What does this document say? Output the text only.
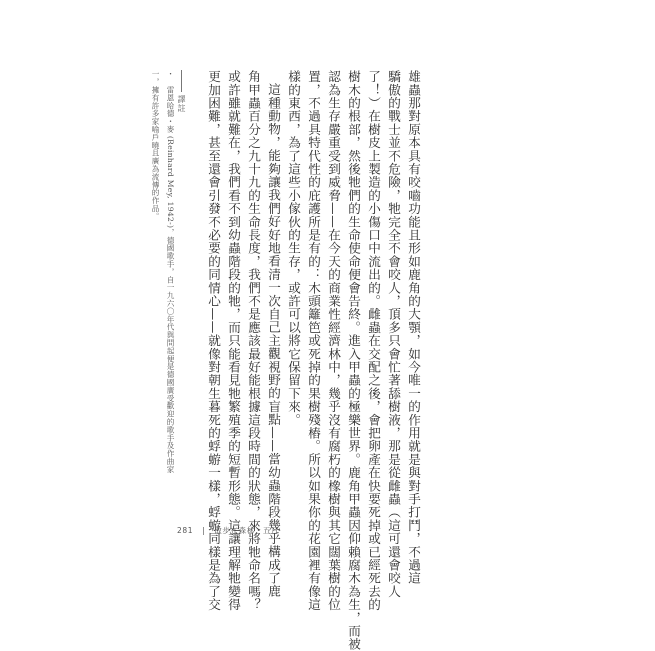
雄蟲那對原本具有咬嚙功能且形如鹿角的大顎，如今唯一的作用就是與對手打鬥，不過這
驕傲的戰士並不危險，牠完全不會咬人，頂多只會忙著舔樹液，那是從雌蟲（這可還會咬人
了！）在樹皮上製造的小傷口中流出的。雌蟲在交配之後，會把卵產在快要死掉或已經死去的
樹木的根部，然後牠們的生命使命便會告終。進入甲蟲的極樂世界。鹿角甲蟲因仰賴腐木為生，而被
認為生存嚴重受到威脅——在今天的商業性經濟林中，幾乎沒有腐朽的橡樹與其它闊葉樹的位
置，不過具特代性的庇護所是有的：木頭籬笆或死掉的果樹殘樁。所以如果你的花園裡有像這
樣的東西，為了這些小傢伙的生存，或許可以將它保留下來。
這種動物，能夠讓我們好好地看清一次自己主觀視野的盲點——當幼蟲階段幾乎構成了鹿
角甲蟲百分之九十九的生命長度，我們不是應該最好能根據這段時間的狀態，來將牠命名嗎？
或許雖就難在，我們看不到幼蟲階段的牠，而只能看見牠繁殖季的短暫形態。這讓理解牠變得
更加困難，甚至還會引發不必要的同情心——就像對朝生暮死的蜉蝣一樣，蜉蝣同樣是為了交
譯註
・　雷恩哈德・麥 (Reinhard Mey, 1942-)，德國歌手，自一九六〇年代與問起便是德國廣受歡迎的歌手及作曲家
一，擁有許多家喻戶曉且廣為流傳的作品。
281 | 散步在森林・五月
